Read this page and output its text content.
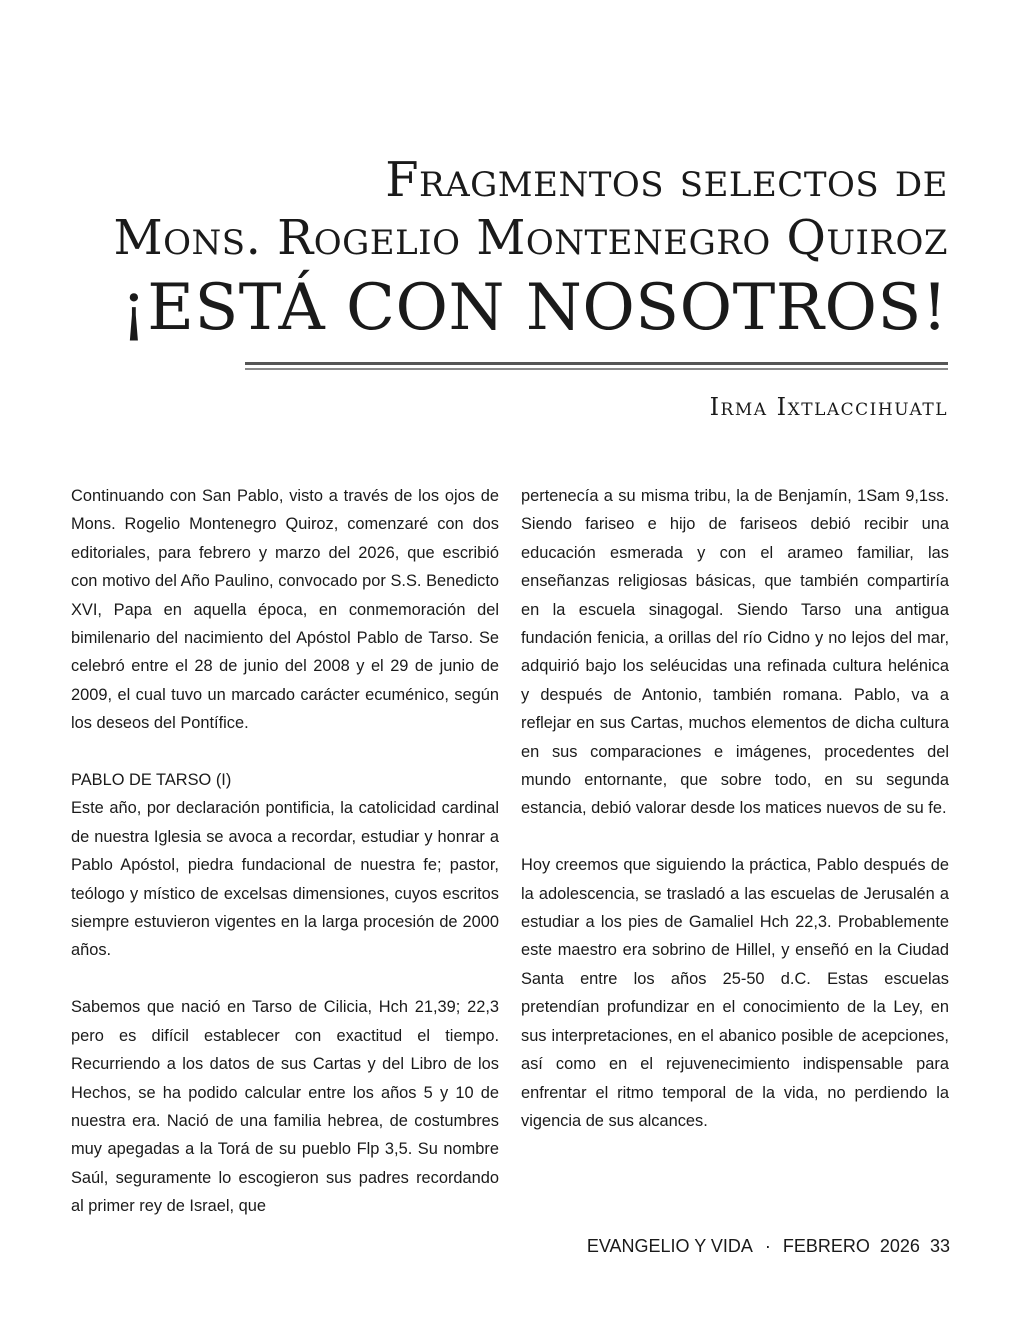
Fragmentos selectos de
Mons. Rogelio Montenegro Quiroz
¡ESTÁ CON NOSOTROS!
Irma Ixtlaccihuatl

Continuando con San Pablo, visto a través de los ojos de Mons. Rogelio Montenegro Quiroz, comenzaré con dos editoriales, para febrero y marzo del 2026, que escribió con motivo del Año Paulino, convocado por S.S. Benedicto XVI, Papa en aquella época, en conmemoración del bimilenario del nacimiento del Apóstol Pablo de Tarso. Se celebró entre el 28 de junio del 2008 y el 29 de junio de 2009, el cual tuvo un marcado carácter ecuménico, según los deseos del Pontífice.

PABLO DE TARSO (I)

Este año, por declaración pontificia, la catolicidad cardinal de nuestra Iglesia se avoca a recordar, estudiar y honrar a Pablo Apóstol, piedra fundacional de nuestra fe; pastor, teólogo y místico de excelsas dimensiones, cuyos escritos siempre estuvieron vigentes en la larga procesión de 2000 años.

Sabemos que nació en Tarso de Cilicia, Hch 21,39; 22,3 pero es difícil establecer con exactitud el tiempo. Recurriendo a los datos de sus Cartas y del Libro de los Hechos, se ha podido calcular entre los años 5 y 10 de nuestra era. Nació de una familia hebrea, de costumbres muy apegadas a la Torá de su pueblo Flp 3,5. Su nombre Saúl, seguramente lo escogieron sus padres recordando al primer rey de Israel, que

pertenecía a su misma tribu, la de Benjamín, 1Sam 9,1ss. Siendo fariseo e hijo de fariseos debió recibir una educación esmerada y con el arameo familiar, las enseñanzas religiosas básicas, que también compartiría en la escuela sinagogal. Siendo Tarso una antigua fundación fenicia, a orillas del río Cidno y no lejos del mar, adquirió bajo los seléucidas una refinada cultura helénica y después de Antonio, también romana. Pablo, va a reflejar en sus Cartas, muchos elementos de dicha cultura en sus comparaciones e imágenes, procedentes del mundo entornante, que sobre todo, en su segunda estancia, debió valorar desde los matices nuevos de su fe.

Hoy creemos que siguiendo la práctica, Pablo después de la adolescencia, se trasladó a las escuelas de Jerusalén a estudiar a los pies de Gamaliel Hch 22,3. Probablemente este maestro era sobrino de Hillel, y enseñó en la Ciudad Santa entre los años 25-50 d.C. Estas escuelas pretendían profundizar en el conocimiento de la Ley, en sus interpretaciones, en el abanico posible de acepciones, así como en el rejuvenecimiento indispensable para enfrentar el ritmo temporal de la vida, no perdiendo la vigencia de sus alcances.

EVANGELIO Y VIDA · FEBRERO  2026 33
